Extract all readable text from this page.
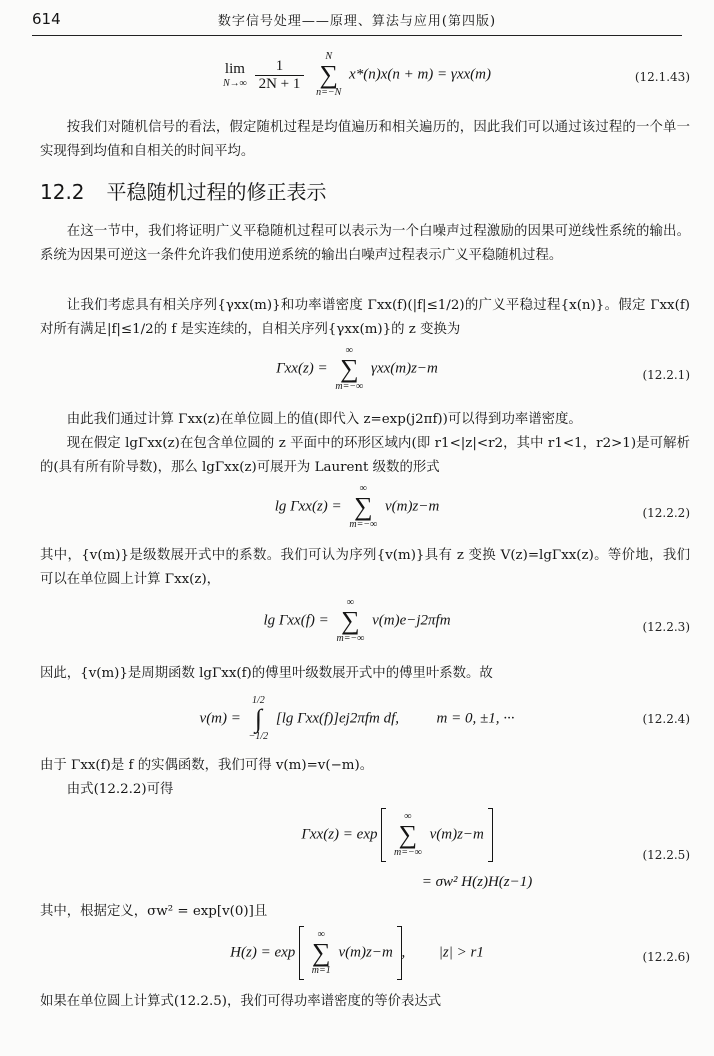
614	数字信号处理——原理、算法与应用(第四版)
lim
N→∞
$\frac{1}{2N + 1}$

N
∑
n=−N
x*(n)x(n + m) = γxx(m)	(12.1.43)
按我们对随机信号的看法，假定随机过程是均值遍历和相关遍历的，因此我们可以通过该过程的一个单一实现得到均值和自相关的时间平均。
12.2 平稳随机过程的修正表示
在这一节中，我们将证明广义平稳随机过程可以表示为一个白噪声过程激励的因果可逆线性系统的输出。系统为因果可逆这一条件允许我们使用逆系统的输出白噪声过程表示广义平稳随机过程。
让我们考虑具有相关序列{γxx(m)}和功率谱密度 Γxx(f)(|f|≤1/2)的广义平稳过程{x(n)}。假定 Γxx(f)对所有满足|f|≤1/2的 f 是实连续的，自相关序列{γxx(m)}的 z 变换为
Γxx(z) =
∞
∑
m=−∞
γxx(m)z−m	(12.2.1)
由此我们通过计算 Γxx(z)在单位圆上的值(即代入 z=exp(j2πf))可以得到功率谱密度。
现在假定 lgΓxx(z)在包含单位圆的 z 平面中的环形区域内(即 r1<|z|<r2，其中 r1<1，r2>1)是可解析的(具有所有阶导数)，那么 lgΓxx(z)可展开为 Laurent 级数的形式
lg Γxx(z) =
∞
∑
m=−∞
v(m)z−m	(12.2.2)
其中，{v(m)}是级数展开式中的系数。我们可认为序列{v(m)}具有 z 变换 V(z)=lgΓxx(z)。等价地，我们可以在单位圆上计算 Γxx(z)，
lg Γxx(f) =
∞
∑
m=−∞
v(m)e−j2πfm	(12.2.3)
因此，{v(m)}是周期函数 lgΓxx(f)的傅里叶级数展开式中的傅里叶系数。故
v(m) =
1/2
∫
−1/2
[lg Γxx(f)]ej2πfm df,	m = 0, ±1, ···	(12.2.4)
由于 Γxx(f)是 f 的实偶函数，我们可得 v(m)=v(−m)。
由式(12.2.2)可得
Γxx(z) = exp
∞
∑
m=−∞
v(m)z−m
= σw² H(z)H(z−1)
(12.2.5)
其中，根据定义，σw² = exp[v(0)]且
H(z) = exp
∞
∑
m=1
v(m)z−m ,  |z| > r1	(12.2.6)
如果在单位圆上计算式(12.2.5)，我们可得功率谱密度的等价表达式
